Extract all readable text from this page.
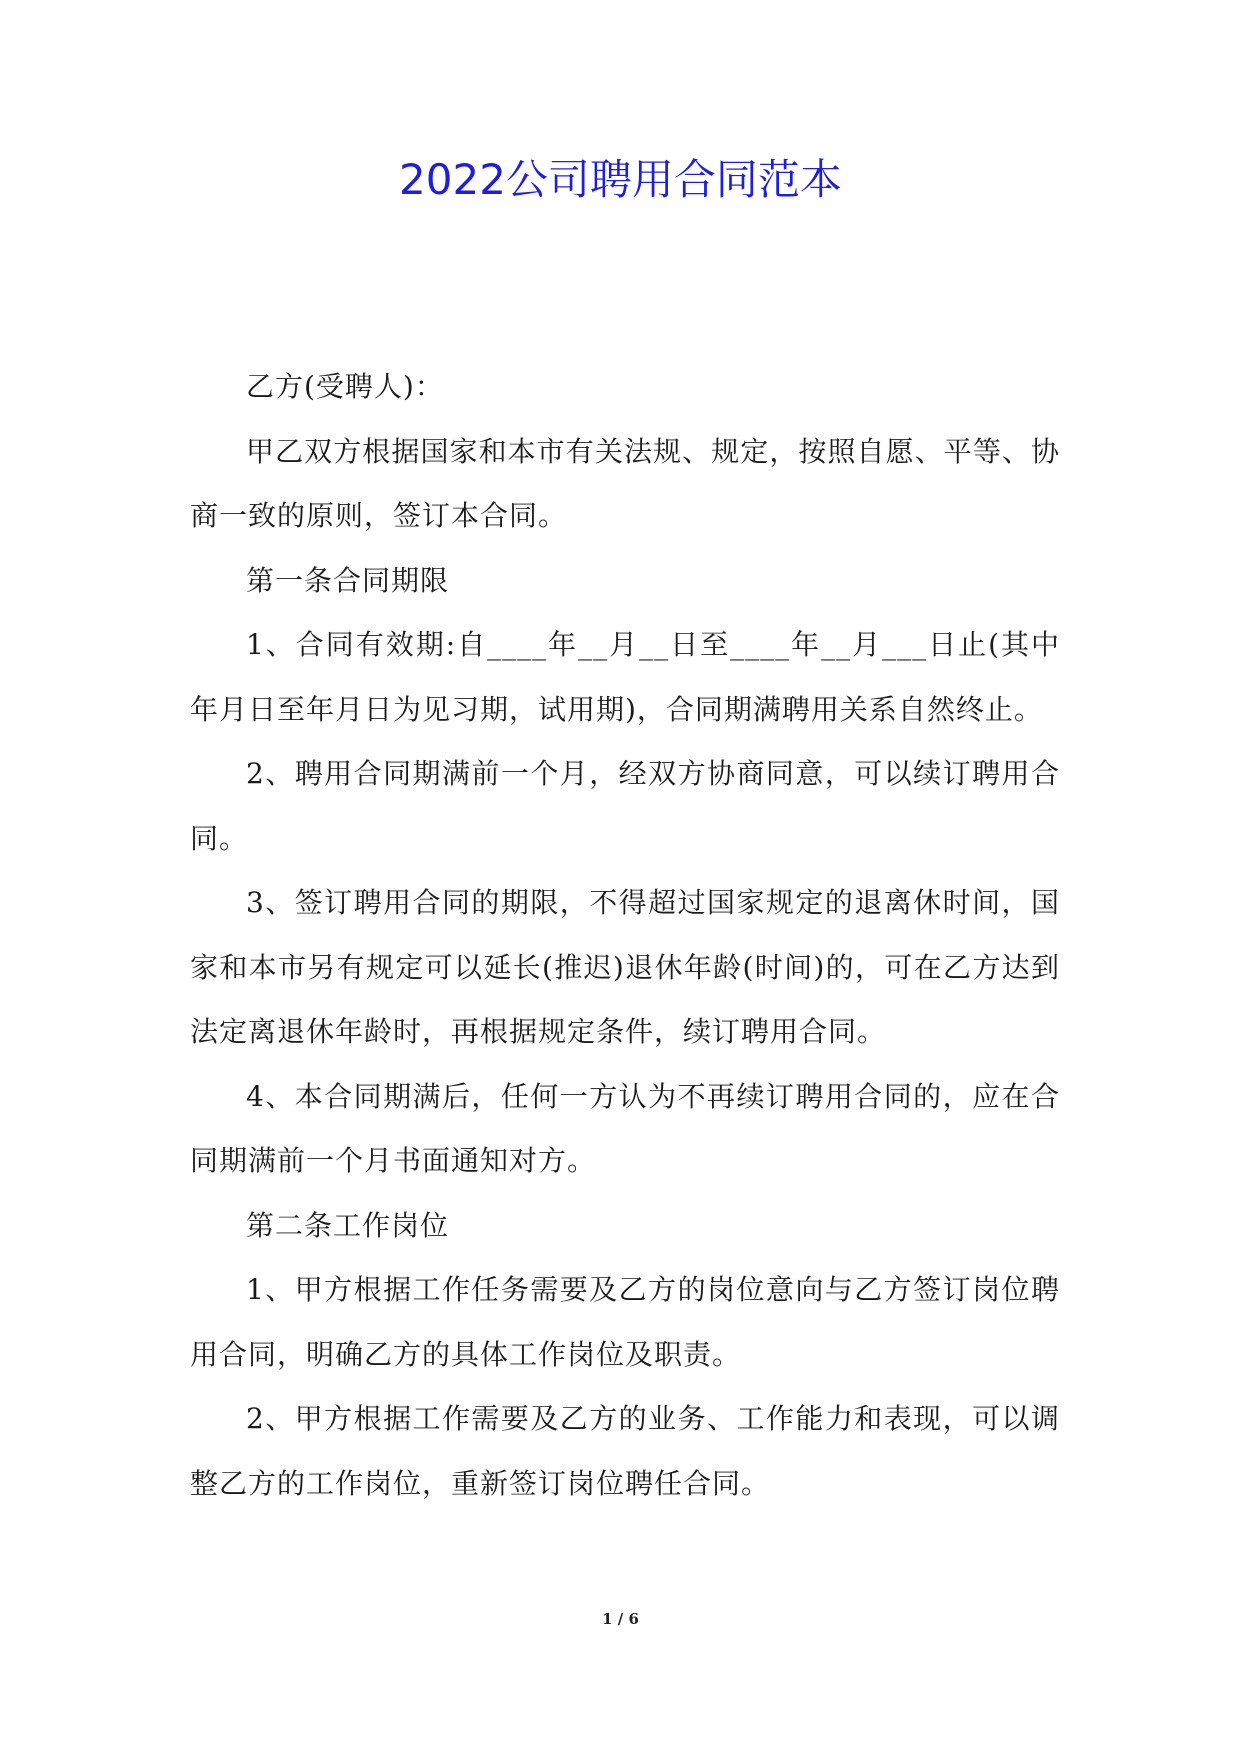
2022公司聘用合同范本

乙方(受聘人)：

甲乙双方根据国家和本市有关法规、规定，按照自愿、平等、协商一致的原则，签订本合同。

第一条合同期限

1、合同有效期:自____年__月__日至____年__月___日止(其中年月日至年月日为见习期，试用期)，合同期满聘用关系自然终止。

2、聘用合同期满前一个月，经双方协商同意，可以续订聘用合同。

3、签订聘用合同的期限，不得超过国家规定的退离休时间，国家和本市另有规定可以延长(推迟)退休年龄(时间)的，可在乙方达到法定离退休年龄时，再根据规定条件，续订聘用合同。

4、本合同期满后，任何一方认为不再续订聘用合同的，应在合同期满前一个月书面通知对方。

第二条工作岗位

1、甲方根据工作任务需要及乙方的岗位意向与乙方签订岗位聘用合同，明确乙方的具体工作岗位及职责。

2、甲方根据工作需要及乙方的业务、工作能力和表现，可以调整乙方的工作岗位，重新签订岗位聘任合同。

1 / 6
